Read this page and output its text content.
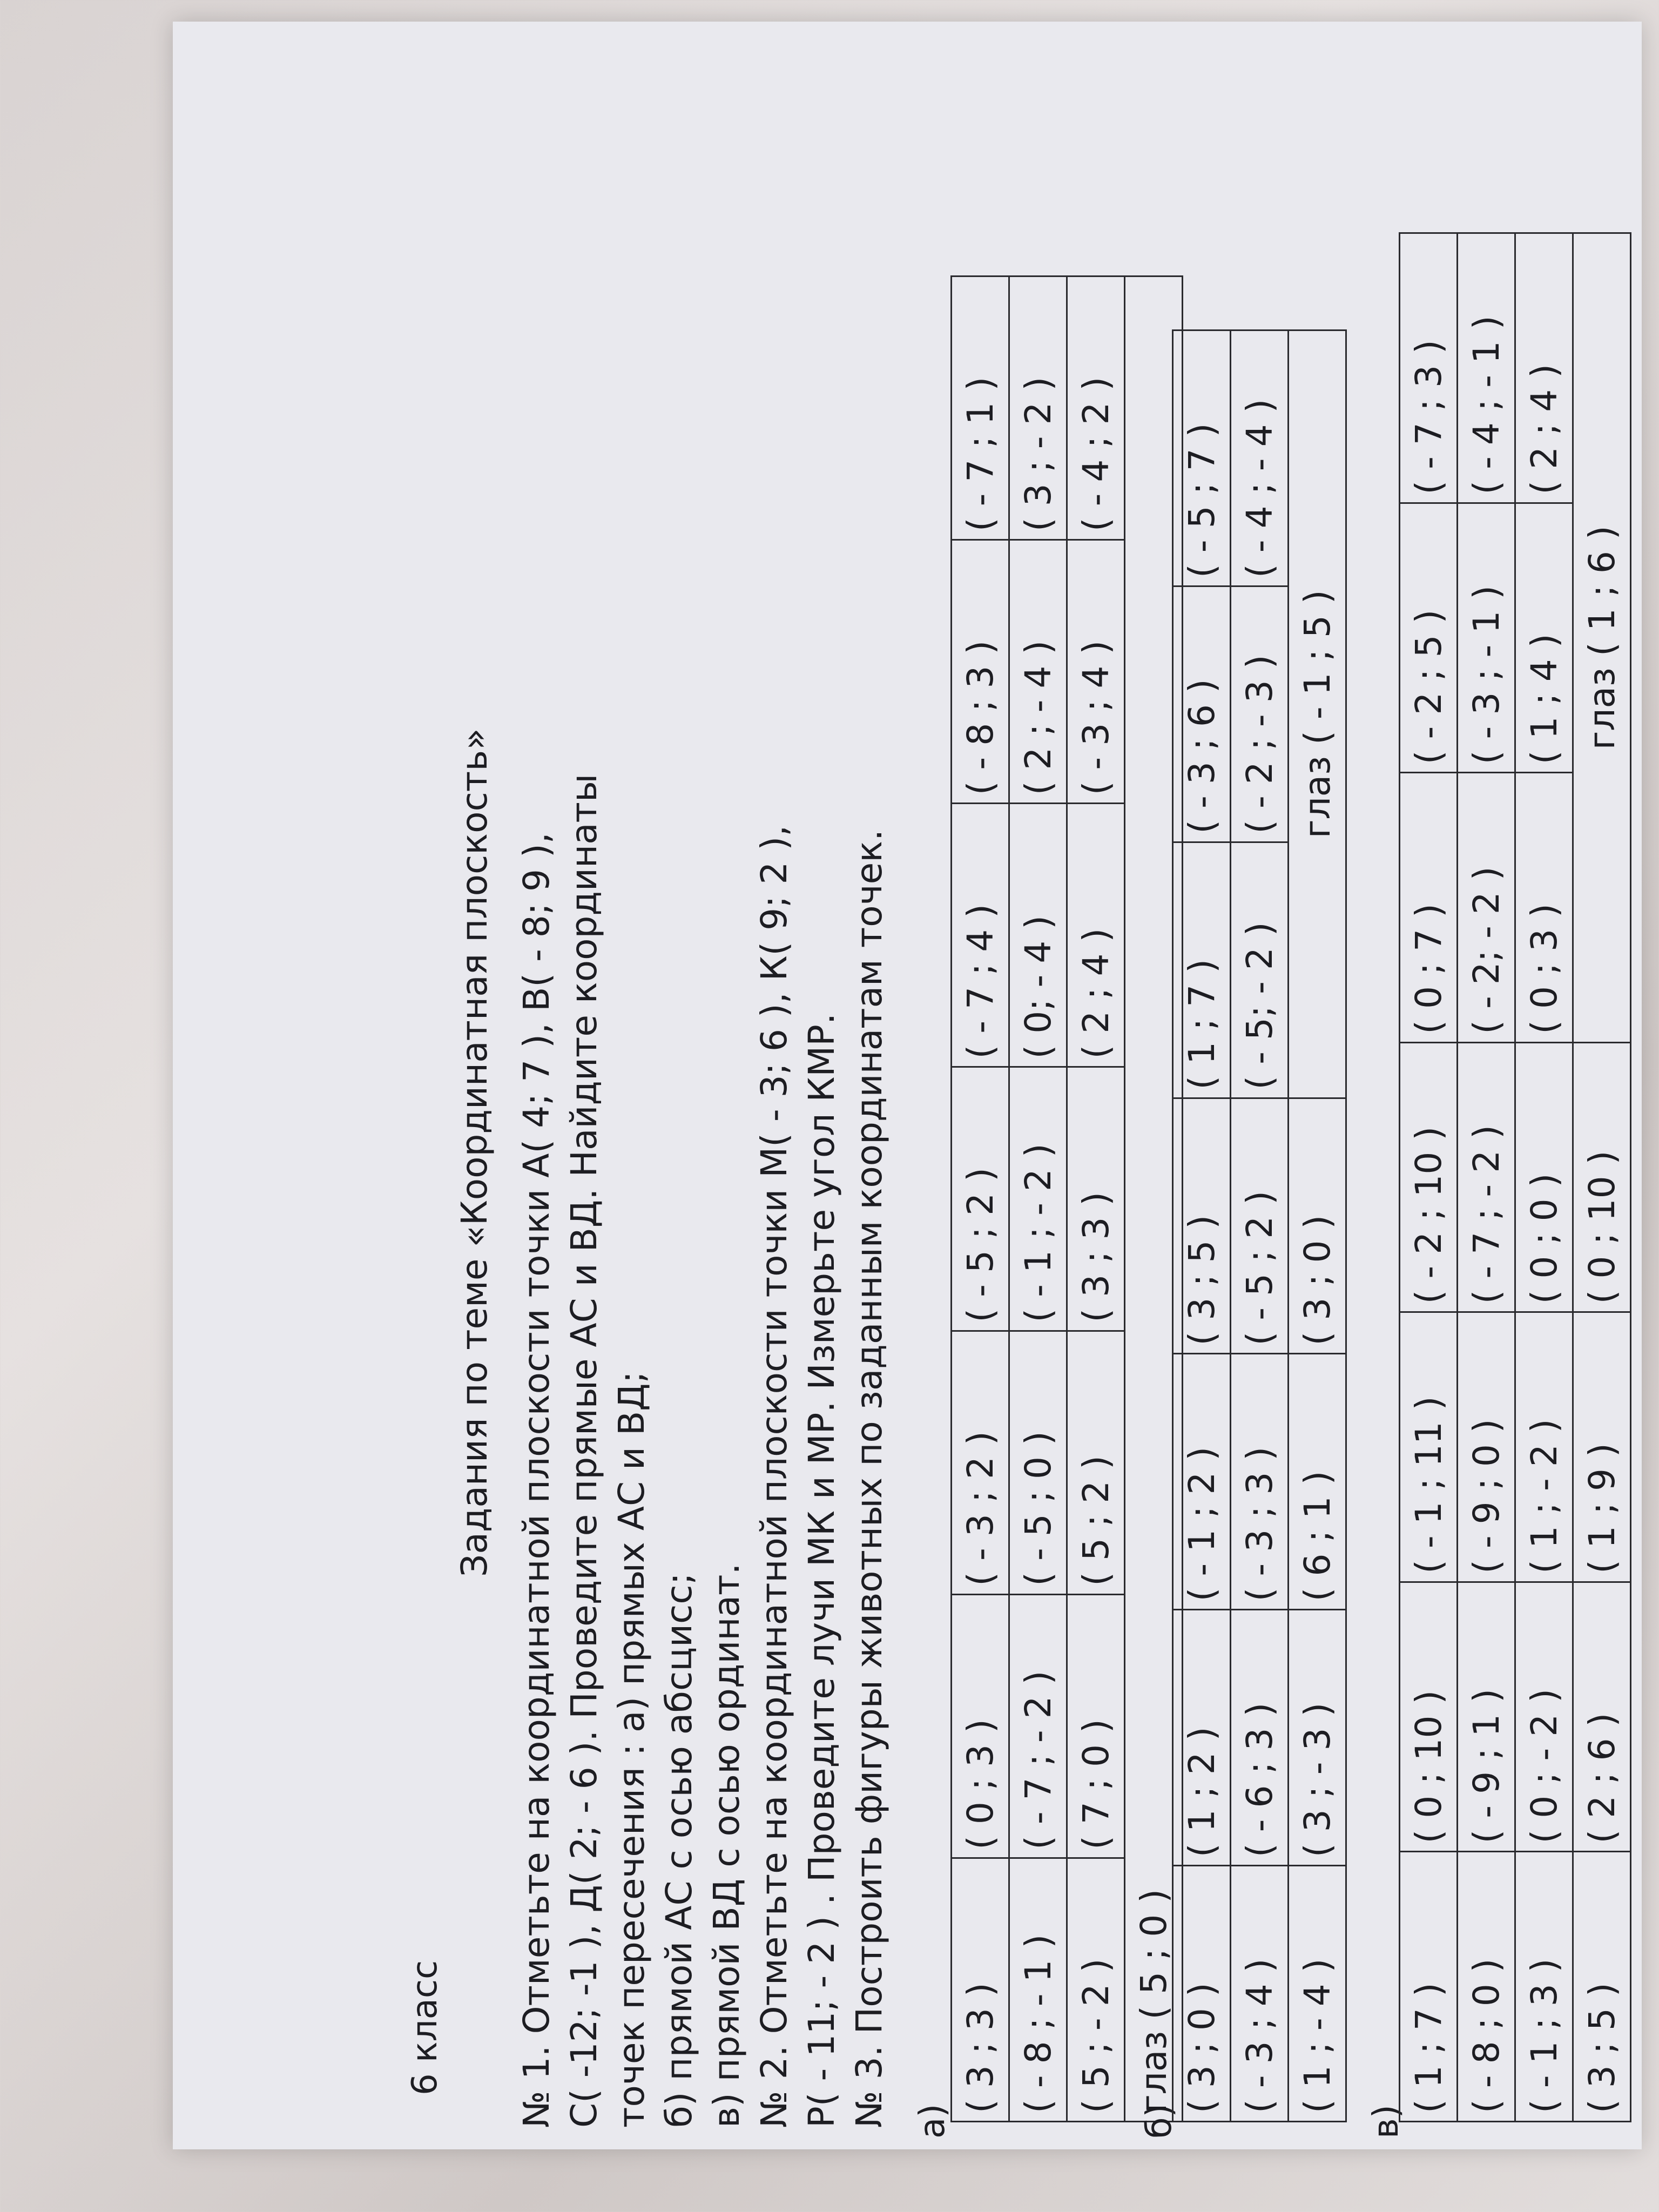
6 класс
Задания по теме «Координатная плоскость» № 1. Отметьте на координатной плоскости точки А( 4; 7 ), В( - 8; 9 ), С( -12; -1 ), Д( 2; - 6 ). Проведите прямые АС и ВД. Найдите координаты точек пересечения : а) прямых АС и ВД; б) прямой АС с осью абсцисс; в) прямой ВД с осью ординат. № 2. Отметьте на координатной плоскости точки М( - 3; 6 ), К( 9; 2 ), Р( - 11; - 2 ) . Проведите лучи МК и МР. Измерьте угол КМР. № 3. Построить фигуры животных по заданным координатам точек. а)
( 3 ; 3 )	( 0 ; 3 )	( - 3 ; 2 )	( - 5 ; 2 )	( - 7 ; 4 )	( - 8 ; 3 )	( - 7 ; 1 )
( - 8 ; - 1 )	( - 7 ; - 2 )	( - 5 ; 0 )	( - 1 ; - 2 )	( 0; - 4 )	( 2 ; - 4 )	( 3 ; - 2 )
( 5 ; - 2 )	( 7 ; 0 )	( 5 ; 2 )	( 3 ; 3 )	( 2 ; 4 )	( - 3 ; 4 )	( - 4 ; 2 )
глаз ( 5 ; 0 )						
б)
( 3 ; 0 )	( 1 ; 2 )	( - 1 ; 2 )	( 3 ; 5 )	( 1 ; 7 )	( - 3 ; 6 )	( - 5 ; 7 )
( - 3 ; 4 )	( - 6 ; 3 )	( - 3 ; 3 )	( - 5 ; 2 )	( - 5; - 2 )	( - 2 ; - 3 )	( - 4 ; - 4 )
( 1 ; - 4 )	( 3 ; - 3 )	( 6 ; 1 )	( 3 ; 0 )	глаз ( - 1 ; 5 )		
в)
( 1 ; 7 )	( 0 ; 10 )	( - 1 ; 11 )	( - 2 ; 10 )	( 0 ; 7 )	( - 2 ; 5 )	( - 7 ; 3 )
( - 8 ; 0 )	( - 9 ; 1 )	( - 9 ; 0 )	( - 7 ; - 2 )	( - 2; - 2 )	( - 3 ; - 1 )	( - 4 ; - 1 )
( - 1 ; 3 )	( 0 ; - 2 )	( 1 ; - 2 )	( 0 ; 0 )	( 0 ; 3 )	( 1 ; 4 )	( 2 ; 4 )
( 3 ; 5 )	( 2 ; 6 )	( 1 ; 9 )	( 0 ; 10 )	глаз ( 1 ; 6 )		
